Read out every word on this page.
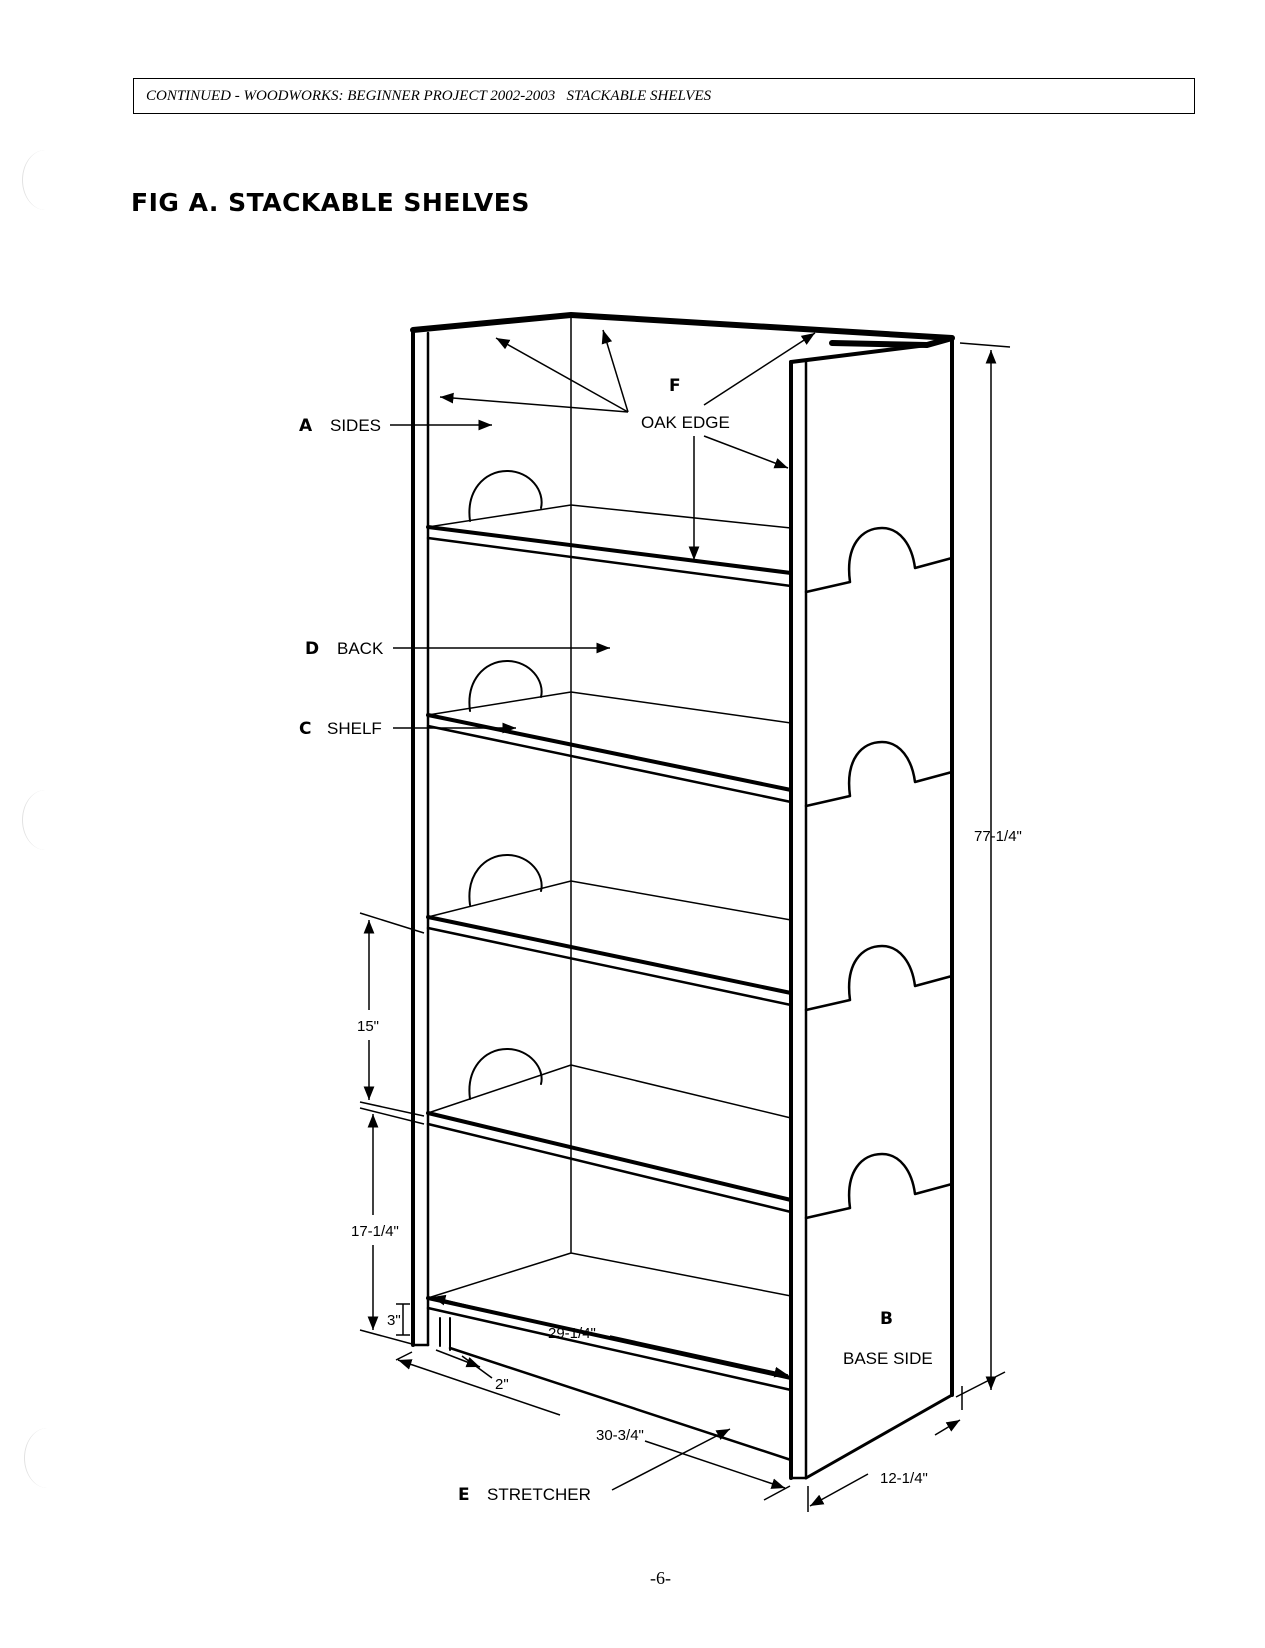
CONTINUED - WOODWORKS: BEGINNER PROJECT 2002-2003   STACKABLE SHELVES
FIG A. STACKABLE SHELVES
A SIDES
F
OAK EDGE
D BACK
C SHELF
B
BASE SIDE
E STRETCHER
77-1/4"
15"
17-1/4"
3"
29-1/4"
2"
30-3/4"
12-1/4"
-6-
